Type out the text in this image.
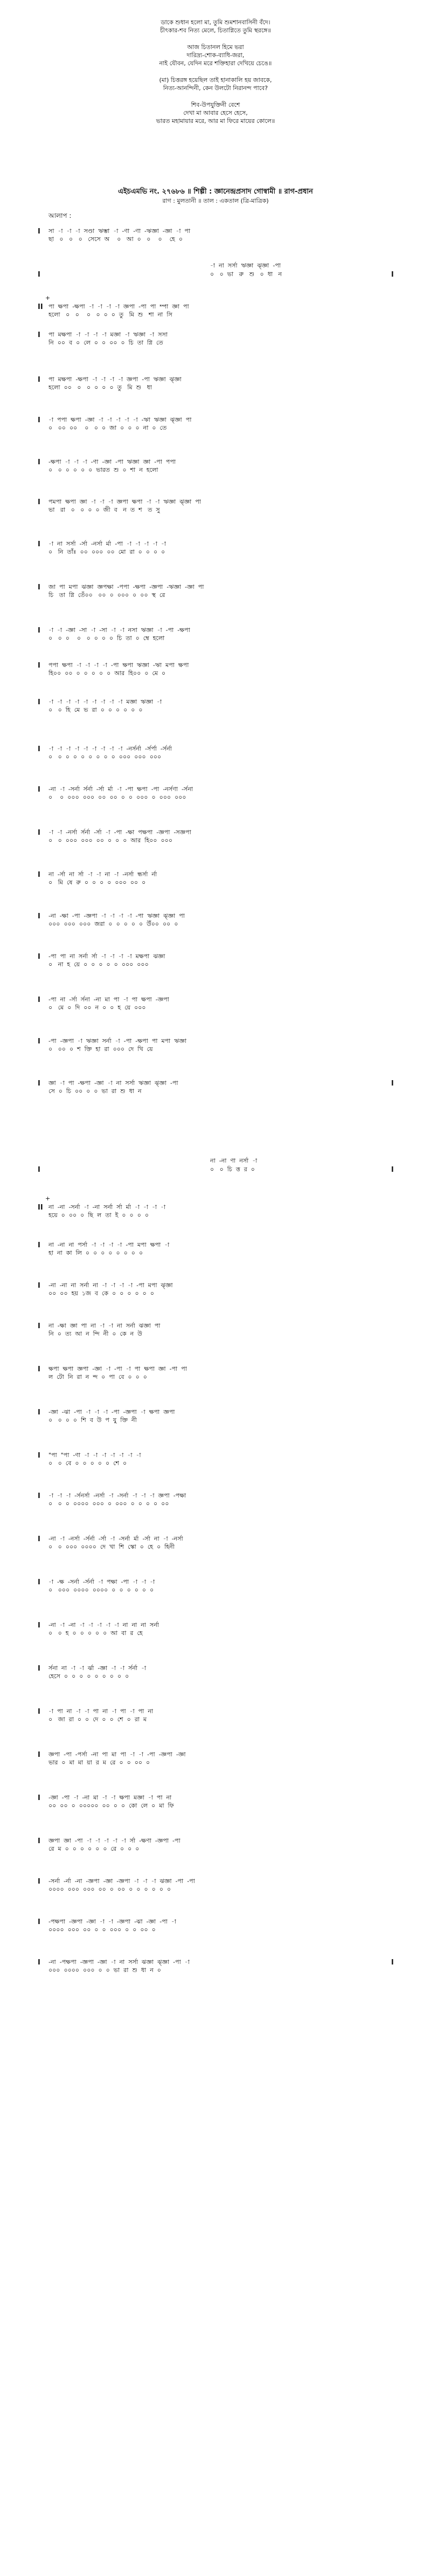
ডাকে শুধান হলো মা, তুমি শুমশানবাসিনী বঁদে।
চীৎকার-শব নিত্য মেলে, চিতাগ্নিতে তুমি স্থরঙ্গে॥
আজ চিতানল হিমে ভরা
দারিদ্র্য-শোক-ব্যাধি-জরা,
নাই যৌবন, যেদিন মরে শক্তিহারা দেখিয়ে চেঙে॥
(মা) চিত্তরঙ্গ হয়েছিল তাই হানাকালি হয় জাবকে,
নিত্য-আনন্দিনী, কেন উলটো নিরানন্দ পাবে?
শিব-উপযুক্তিনী বেশে
দেখা মা আবার হেসে হেসে,
ভারত মহামায়ার মরে, আর মা ফিরে মায়ের কোলে॥
এইচএমভি নং. ২৭৬৮৬ ॥ শিল্পী : জ্ঞানেন্দ্রপ্রসাদ গোস্বামী ॥ রাগ-প্রধান
রাগ : মুলতানী ॥ তাল : একতাল (ত্রি-মাত্রিক)
আলাপ :
I সা  -া  -া  -া  সণ্ডা  ঋম্ভা  -া  -ণা  -ণা  -ঋজ্ঞা  -জ্ঞা  -া  পা
ছা   ০   ০   ০   সেসে  অ    ০   আ  ০   ০    ০    হে  ০
I
-া  না  সর্সা  ঋজ্ঞা  ঝ্জ্ঞা  -পা
০   ০  ভা   রু   শু   ০  ধা   ন	I
II
+
পা  ক্ষপা  -ক্ষপা  -া  -া  -া  -া  জ্ঞপা  -পা  পা  ম্পা  জ্ঞা  পা
হলো   ০   ০    ০   ০  ০  ০  তু   মি  শু   শা  না  সি
I পা  মক্ষপা  -া  -া  -া  -া  মজ্ঞা  -া  ঋজ্ঞা  -া  সসা
নি  ০০  ব  ০  লে  ০  ০  ০০  ০  চি  তা  গ্নি  তে
I পা  মক্ষপা  -ক্ষপা  -া  -া  -া  -া  জ্ঞপা  -পা  ঋজ্ঞা  ঝ্জ্ঞা
হলো  ০০   ০   ০  ০  ০  ০  তু   মি  শু   ধা
I -া  পপা  ক্ষপা  -জ্ঞা  -া  -া  -া  -া  -া  -ঋা  ঋজ্ঞা  ঝ্জ্ঞা  পা
০   ০০  ০০    ০   ০  ০  জা  ০  ০  ০  না  ০  তে
I -ক্ষপা  -া  -া  -া  -ণা  -জ্ঞা  -পা  ঋজ্ঞা  জ্ঞা  -পা  পপা
০   ০  ০  ০  ০  ০  ভারত  শু  ০  শা  ন  হলো
I পমপা  ক্ষপা  জ্ঞা  -া  -া  -া  জ্ঞপা  ক্ষপা  -া  -া  ঋজ্ঞা  ঝ্জ্ঞা  পা
ভা   রা   ০   ০  ০  ০  জী  ব   ন  ত  শ   ত  সু
I -া  না  সর্সা  -র্সা  -নর্সা  র্মা  -পা  -া  -া  -া  -া  -া
০   নি  তাঁঃ  ০০  ০০০  ০০  মো  রা  ০  ০  ০  ০
I জা  পা  মপা  ঝজ্ঞা  জ্ঞপক্ষা  -পপা  -ক্ষপা  -জ্ঞপা  -ঋজ্ঞা  -জ্ঞা  পা
চি   তা  গ্নি  তেঁ০০   ০০  ০  ০০০  ০  ০০  স্থ  রে
I -া  -া  -জ্ঞা  -সা  -া  -সা  -া  -া  নসা  ঋজ্ঞা  -া  -পা  -ক্ষপা
০   ০  ০    ০   ০  ০  ০  ০  চি  তা  ০  ম্বে  হলো
I পপা  ক্ষপা  -া  -া  -া  -া  -পা  ক্ষপা  ঋজ্ঞা  -ঋা  মপা  ক্ষপা
হি০০  ০০  ০  ০  ০  ০  ০  আর  হি০০  ০  মে  ০
I -া  -া  -া  -া  -া  -া  -া  -া  -া  মজ্ঞা  ঋজ্ঞা  -া
০   ০  হি  মে  ভ  রা  ০  ০  ০  ০  ০  ০
I -া  -া  -া  -া  -া  -া  -া  -া  -া  -নর্সর্না  -র্সর্পা  -র্সর্না
০   ০  ০  ০  ০  ০  ০  ০  ০  ০০০  ০০০  ০০০
I -না  -া  -সর্না  র্সর্না  -র্সা  র্মা  -া  -পা  ক্ষপা  -পা  -নর্সণা  -র্সনা
০    ০  ০০০  ০০০  ০০  ০০  ০  ০  ০০০  ০  ০০০  ০০০
I -া  -া  -নর্সা  র্সর্না  -র্সা  -া  -পা  -ক্ষা  পক্ষপা  -জ্ঞপা  -সজ্ঞপা
০   ০  ০০০  ০০০  ০০  ০  ০  ০  আর  হি০০  ০০০
I না  -র্সা  না  র্সা  -া  -া  না  -া  -নর্সা  ন্ধর্সা  র্না
০   মি  ষে  রু  ০  ০  ০  ০  ০০০  ০০  ০
I -না  -ক্ষা  -পা  -জ্ঞপা  -া  -া  -া  -া  -পা  ঋজ্ঞা  ঝ্জ্ঞা  পা
০০০  ০০০  ০০০  জরা  ০  ০  ০  ০  ০  উঁ০০  ০০  ০
I -পা  পা  না  সর্না  র্সা  -া  -া  -া  -া  মক্ষপা  ঝজ্ঞা
০   না  হ  য়ে  ০  ০  ০  ০  ০  ০০০  ০০০
I -পা  না  -র্সা  র্সনা  -না  মা  পা  -া  পা  ক্ষপা  -জ্ঞপা
০   মে  ০  দি  ০০  ন  ০  ০  হ  য়ে  ০০০
I -পা  -জ্ঞপা  -া  ঋজ্ঞা  সর্না  -া  -পা  -ক্ষপা  পা  মপা  ঋজ্ঞা
০   ০০  ০  শ  ক্তি  হা  রা  ০০০  দে  খি  য়ে
I জ্ঞা  -া  পা  -ক্ষপা  -জ্ঞা  -া  না  সর্সা  ঋজ্ঞা  ঝ্জ্ঞা  -পা
সে  ০  চি  ০০  ০  ০  ভা  রা  শু  ধা  ন
I
I
না  -না  ণা  নর্সা  -া
০   ০  চি  ত্ত  র  ০	I
II
+
না  -না  -সর্না  -া  -না  সর্না  র্সা  র্মা  -া  -া  -া  -া
হয়ে  ০  ০০  ০  ছি  ল  তা  ই  ০  ০  ০  ০
I না  -না  না  পর্সা  -া  -া  -া  -া  -পা  মপা  ক্ষপা  -া
হা  না  কা  লি  ০  ০  ০  ০  ০  ০  ০  ০
I -না  -না  না  সর্না  না  -া  -া  -া  -া  -পা  মপা  ঝ্জ্ঞা
০০  ০০  হয়  ১জ  ব  কে  ০  ০  ০  ০  ০  ০
I না  -ক্ষা  জ্ঞা  পা  না  -া  -া  না  সর্না  ঝজ্ঞা  পা
নি  ০  ত্য  আ  ন  ন্দি  নী  ০  কে  ন  উ
I ক্ষপা  ক্ষপা  জ্ঞপা  -জ্ঞা  -া  -পা  -া  পা  ক্ষপা  জ্ঞা  -পা  পা
ল  টো  নি  রা  ন  ন্দ  ০  পা  বে  ০  ০  ০
I -জ্ঞা  -ঝা  -পা  -া  -া  -া  -পা  -জ্ঞপা  -া  ক্ষপা  জ্ঞপা
০   ০  ০  ০  শি  ব  উ  প  যু  ক্তি  নী
I "পা  "পা  -ণা  -া  -া  -া  -া  -া  -া  -া
০   ০  বে  ০  ০  ০  ০  ০  শে  ০
I -া  -া  -া  -র্সনর্সা  -নর্সা  -া  -সর্না  -া  -া  -া  জ্ঞপা  -পক্ষা
০   ০  ০  ০০০০  ০০০  ০  ০০০  ০  ০  ০  ০  ০০
I -না  -া  -নর্সা  -র্সর্না  -র্সা  -া  -সর্না  র্মা  -র্সা  না  -া  -নর্সা
০   ০  ০০০  ০০০০  দে  খা  শি  স্কো  ০  হে  ০  হিনী
I -া  -ক্ষ  -সর্না  -র্সর্না  -া  পক্ষা  -পা  -া  -া  -া
০   ০০০  ০০০০  ০০০০  ০  ০  ০  ০  ০  ০
I -না  -া  -না  -া  -া  -া  -া  -া  না  না  না  সর্না
০   ০  হ  ০  ০  ০  ০  ০  আ  বা  র  হে
I র্সনা  না  -া  -া  র্ঝা  -জ্ঞা  -া  -া  র্সর্না  -া
হেসে  ০  ০  ০  ০  ০  ০  ০  ০  ০
I -া  পা  না  -া  -া  পা  না  -া  পা  -া  পা  না
০   জা  রা  ০  ০  দে  ০  ০  শে  ০  রা  ম
I জ্ঞপা  -পা  -পর্সা  -না  পা  মা  পা  -া  -া  -পা  -জ্ঞপা  -জ্ঞা
ভার  ০  মা  মা  য়া  র  ম  রে  ০  ০  ০০  ০
I -জ্ঞা  -পা  -া  -না  মা  -া  -া  ক্ষপা  মজ্ঞা  -া  পা  না
০০  ০০  ০  ০০০০০  ০০  ০  ০  কো  লে  ০  মা  ফি
I জ্ঞপা  জ্ঞা  -পা  -া  -া  -া  -া  -া  র্সা  -ক্ষণা  -জ্ঞপা  -পা
রে  ম  ০  ০  ০  ০  ০  ০  রে  ০  ০  ০
I -সর্না  -র্না  -না  -জ্ঞপা  -জ্ঞা  -জ্ঞপা  -া  -া  -া  ঝজ্ঞা  -পা  -পা
০০০০  ০০০  ০০০  ০০  ০  ০০  ০  ০  ০  ০  ০  ০
I -পক্ষপা  -জ্ঞপা  -জ্ঞা  -া  -া  -জ্ঞপা  -ঝা  -জ্ঞা  -পা  -া
০০০০  ০০০  ০০  ০  ০  ০০০  ০  ০  ০০  ০
I -না  -পক্ষপা  -জ্ঞপা  -জ্ঞা  -া  না  সর্সা  ঝজ্ঞা  ঝ্জ্ঞা  -পা  -া
০০০  ০০০০  ০০০  ০  ০  ভা  রা  শু  ধা  ন  ০
I
